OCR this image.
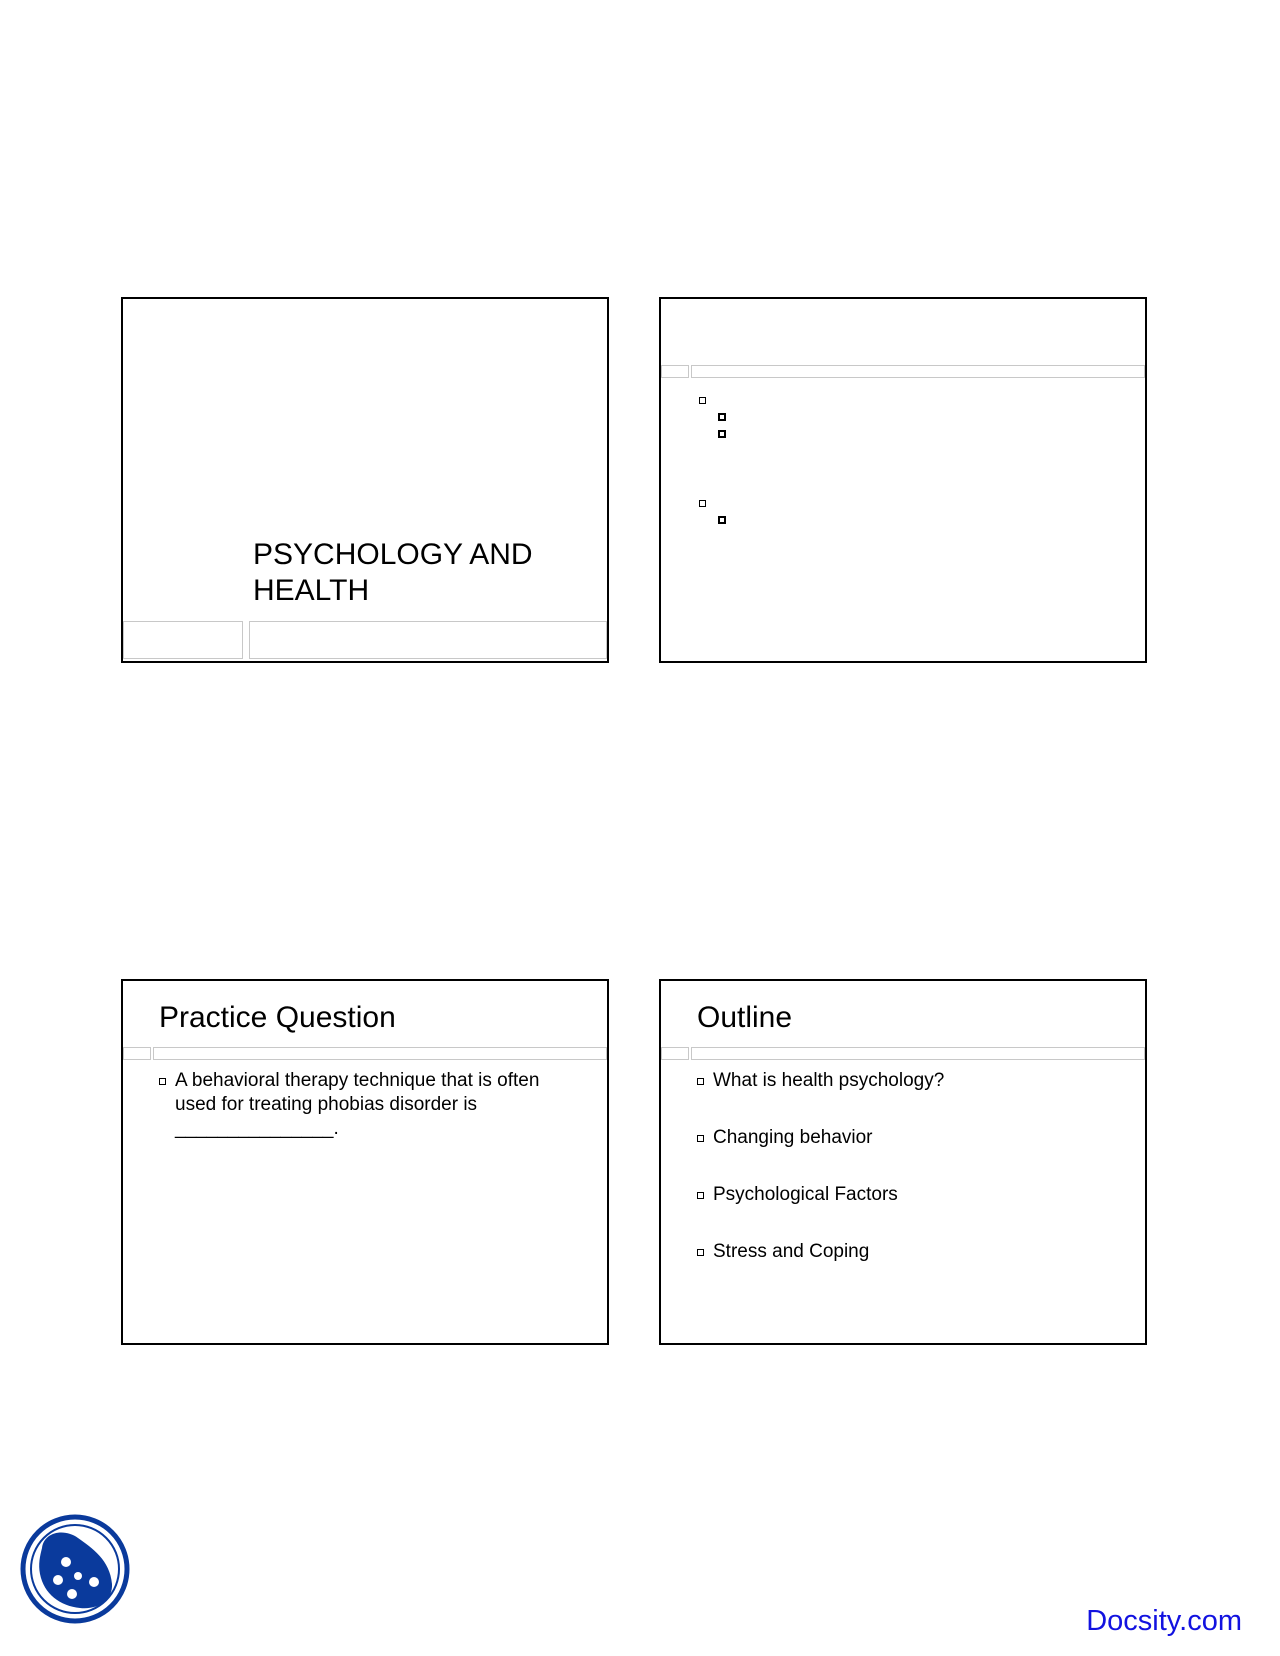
PSYCHOLOGY AND HEALTH
Practice Question
A behavioral therapy technique that is often used for treating phobias disorder is _______________.
Outline
What is health psychology?
Changing behavior
Psychological Factors
Stress and Coping
Docsity.com
